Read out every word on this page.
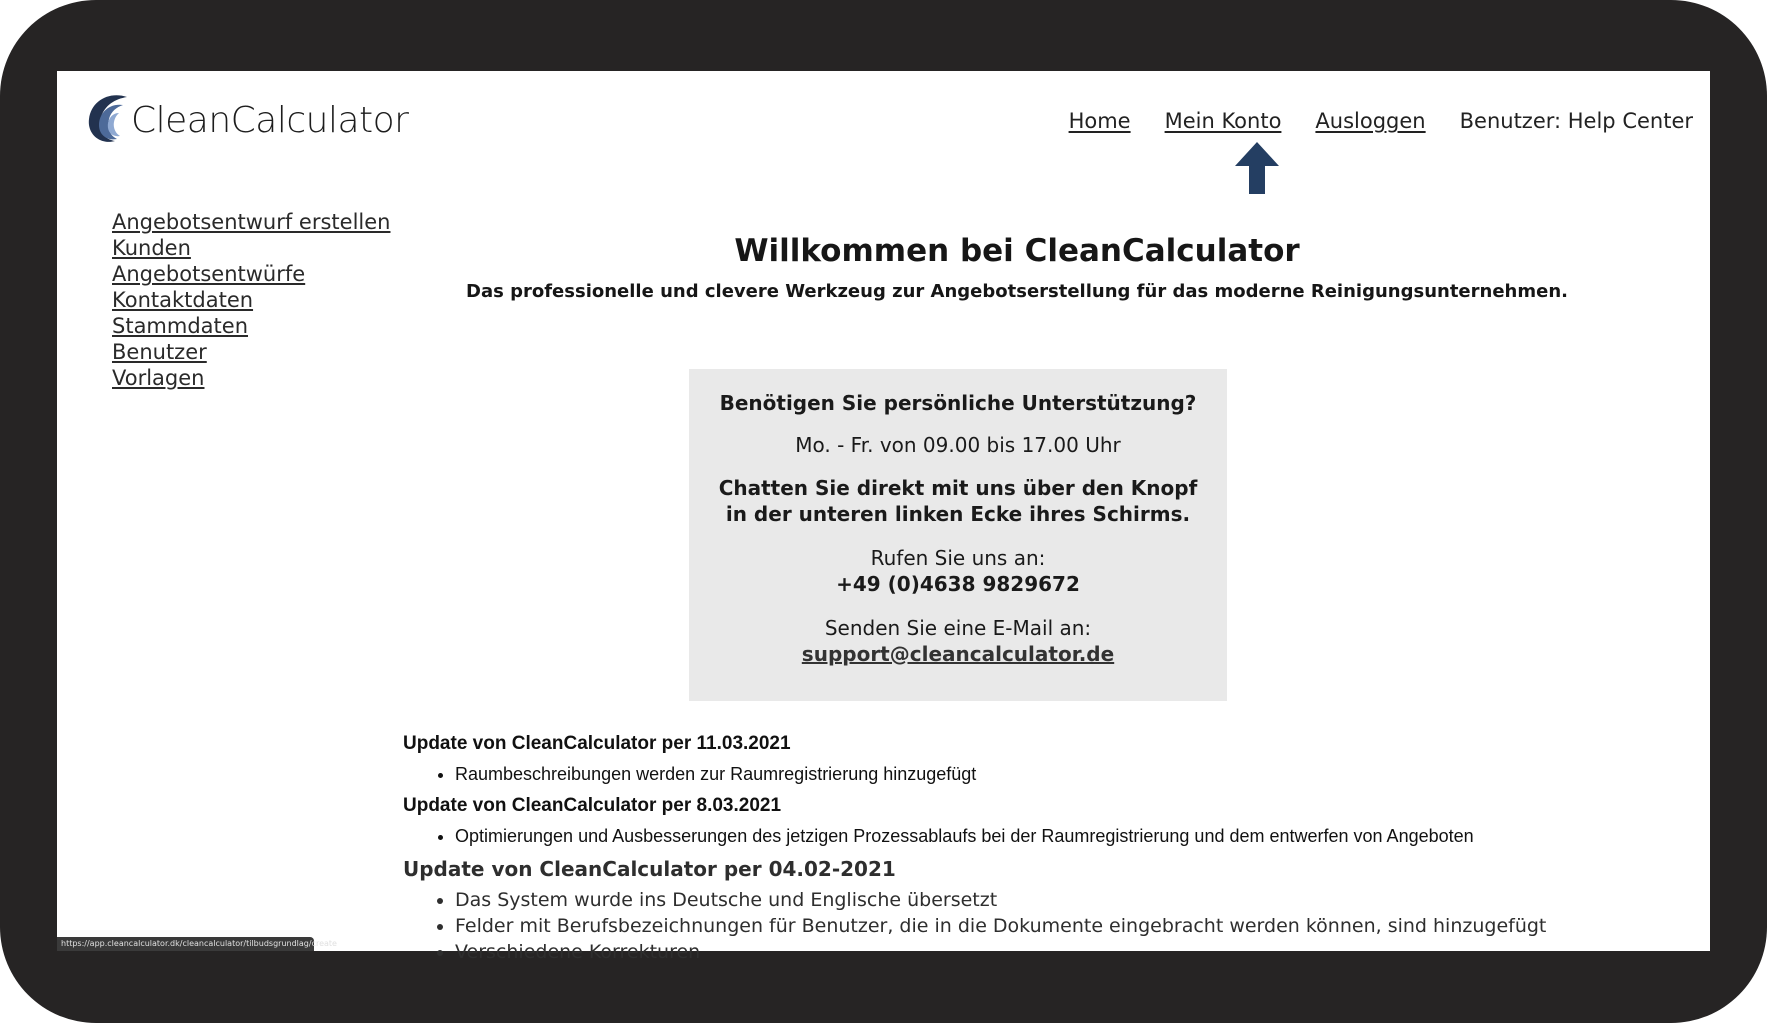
CleanCalculator	Home Mein Konto Ausloggen Benutzer: Help Center
Angebotsentwurf erstellen
Kunden
Angebotsentwürfe
Kontaktdaten
Stammdaten
Benutzer
Vorlagen
Willkommen bei CleanCalculator
Das professionelle und clevere Werkzeug zur Angebotserstellung für das moderne Reinigungsunternehmen.
Benötigen Sie persönliche Unterstützung?
Mo. - Fr. von 09.00 bis 17.00 Uhr
Chatten Sie direkt mit uns über den Knopf in der unteren linken Ecke ihres Schirms.
Rufen Sie uns an:
+49 (0)4638 9829672
Senden Sie eine E-Mail an:
support@cleancalculator.de

Update von CleanCalculator per 11.03.2021

• Raumbeschreibungen werden zur Raumregistrierung hinzugefügt

Update von CleanCalculator per 8.03.2021

• Optimierungen und Ausbesserungen des jetzigen Prozessablaufs bei der Raumregistrierung und dem entwerfen von Angeboten

Update von CleanCalculator per 04.02-2021

• Das System wurde ins Deutsche und Englische übersetzt
• Felder mit Berufsbezeichnungen für Benutzer, die in die Dokumente eingebracht werden können, sind hinzugefügt
• Verschiedene Korrekturen
https://app.cleancalculator.dk/cleancalculator/tilbudsgrundlag/create
